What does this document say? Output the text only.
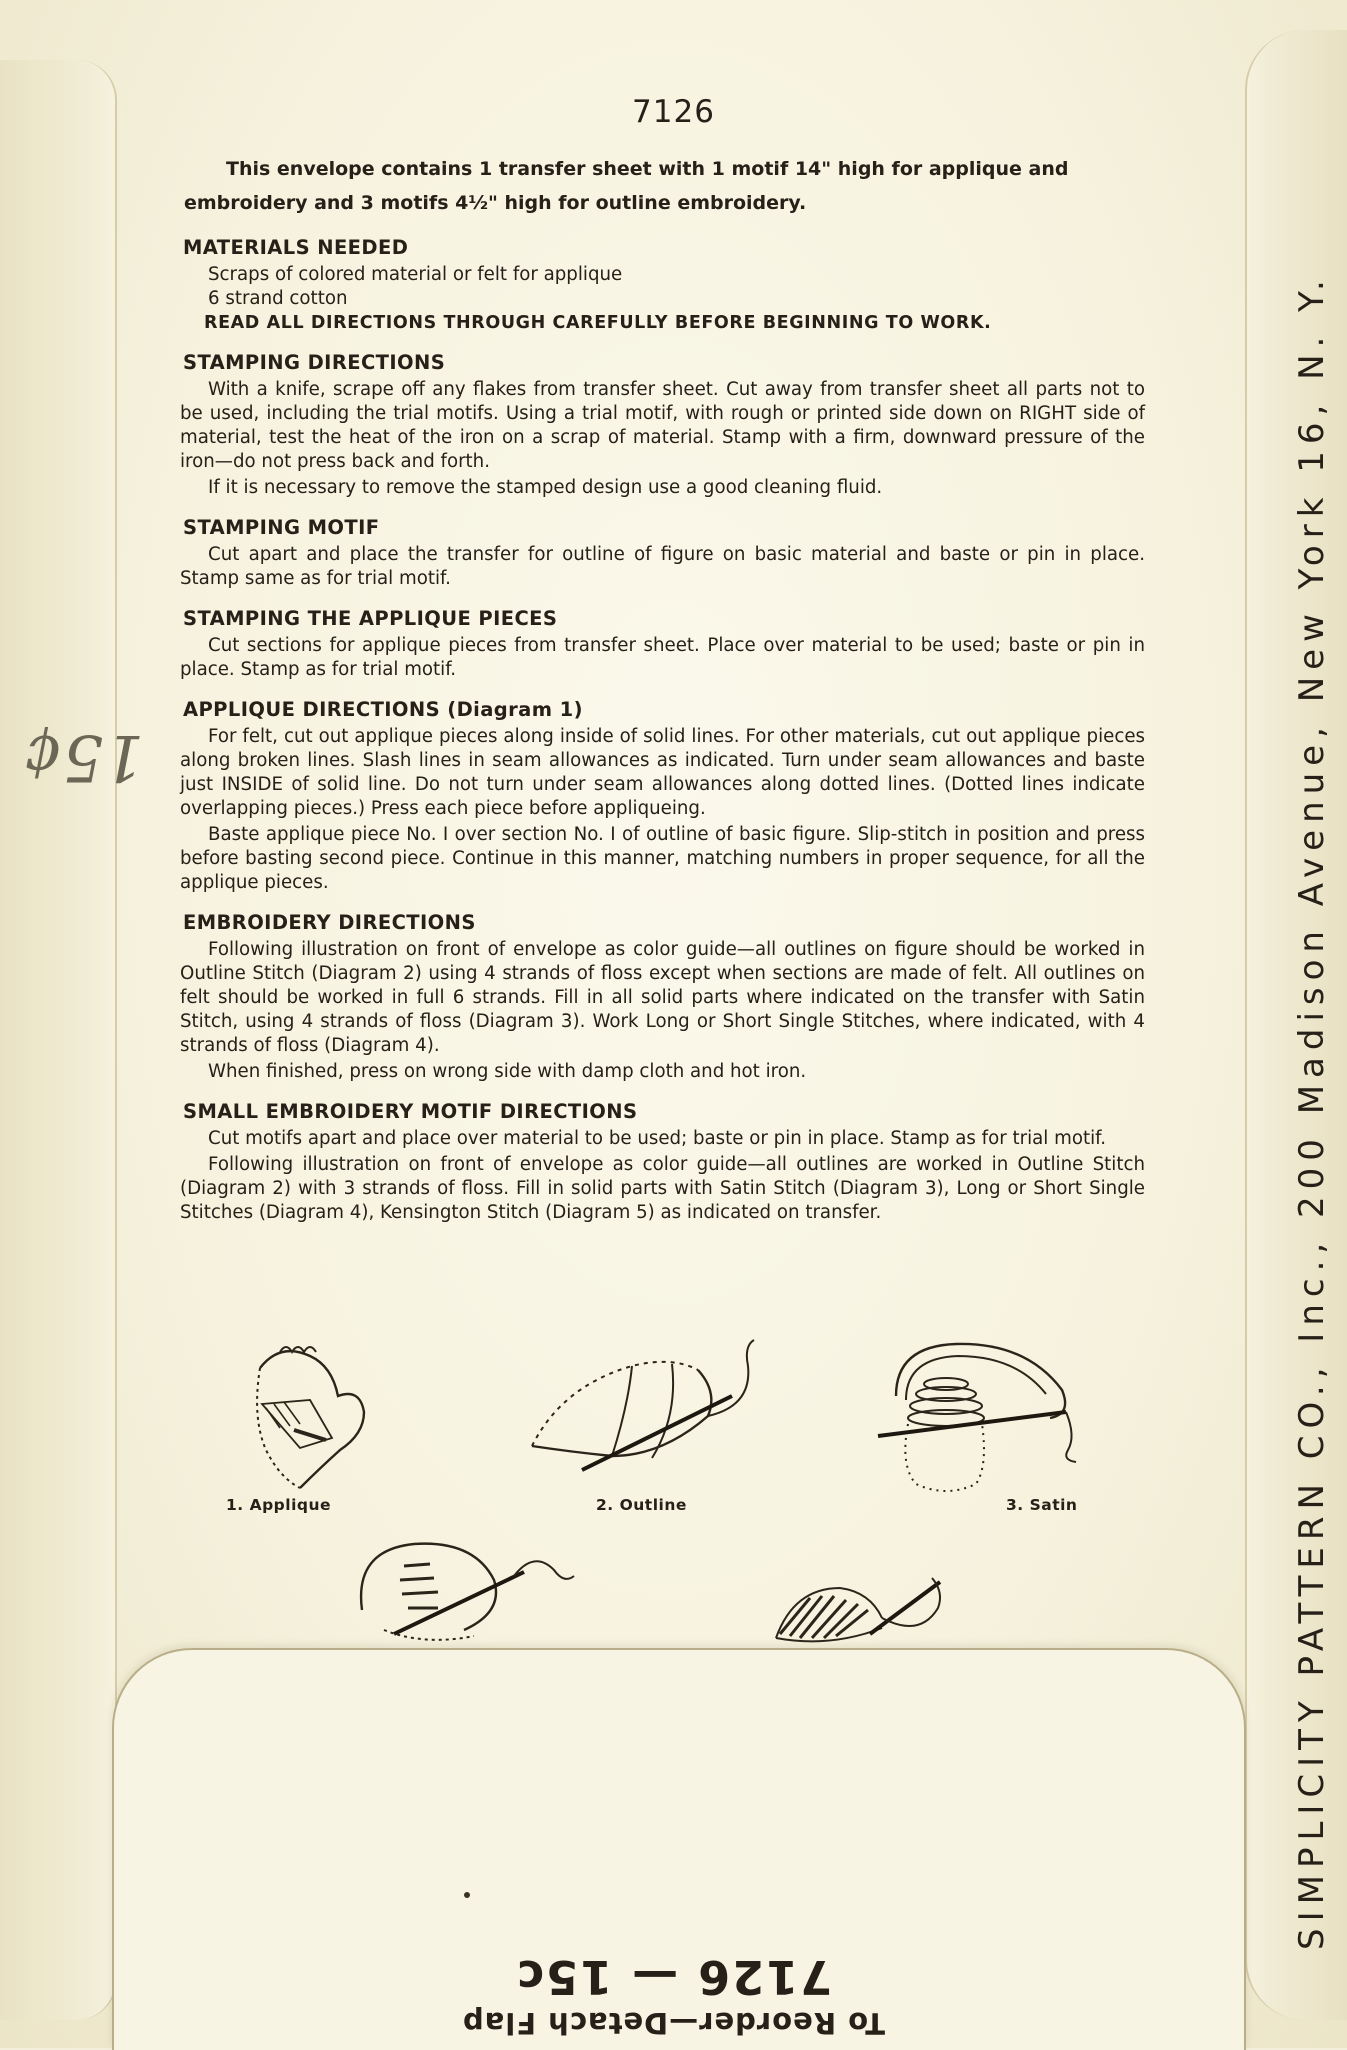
7126

This envelope contains 1 transfer sheet with 1 motif 14" high for applique and embroidery and 3 motifs 4½" high for outline embroidery.

MATERIALS NEEDED
Scraps of colored material or felt for applique
6 strand cotton
READ ALL DIRECTIONS THROUGH CAREFULLY BEFORE BEGINNING TO WORK.
STAMPING DIRECTIONS

With a knife, scrape off any flakes from transfer sheet. Cut away from transfer sheet all parts not to be used, including the trial motifs. Using a trial motif, with rough or printed side down on RIGHT side of material, test the heat of the iron on a scrap of material. Stamp with a firm, downward pressure of the iron—do not press back and forth.

If it is necessary to remove the stamped design use a good cleaning fluid.

STAMPING MOTIF

Cut apart and place the transfer for outline of figure on basic material and baste or pin in place. Stamp same as for trial motif.

STAMPING THE APPLIQUE PIECES

Cut sections for applique pieces from transfer sheet. Place over material to be used; baste or pin in place. Stamp as for trial motif.

APPLIQUE DIRECTIONS (Diagram 1)

For felt, cut out applique pieces along inside of solid lines. For other materials, cut out applique pieces along broken lines. Slash lines in seam allowances as indicated. Turn under seam allowances and baste just INSIDE of solid line. Do not turn under seam allowances along dotted lines. (Dotted lines indicate overlapping pieces.) Press each piece before appliqueing.

Baste applique piece No. I over section No. I of outline of basic figure. Slip-stitch in position and press before basting second piece. Continue in this manner, matching numbers in proper sequence, for all the applique pieces.

EMBROIDERY DIRECTIONS

Following illustration on front of envelope as color guide—all outlines on figure should be worked in Outline Stitch (Diagram 2) using 4 strands of floss except when sections are made of felt. All outlines on felt should be worked in full 6 strands. Fill in all solid parts where indicated on the transfer with Satin Stitch, using 4 strands of floss (Diagram 3). Work Long or Short Single Stitches, where indicated, with 4 strands of floss (Diagram 4).

When finished, press on wrong side with damp cloth and hot iron.

SMALL EMBROIDERY MOTIF DIRECTIONS

Cut motifs apart and place over material to be used; baste or pin in place. Stamp as for trial motif.

Following illustration on front of envelope as color guide—all outlines are worked in Outline Stitch (Diagram 2) with 3 strands of floss. Fill in solid parts with Satin Stitch (Diagram 3), Long or Short Single Stitches (Diagram 4), Kensington Stitch (Diagram 5) as indicated on transfer.

1. Applique	2. Outline	3. Satin	SIMPLICITY PATTERN CO., Inc., 200 Madison Avenue, New York 16, N. Y.
15¢
7126 — 15c
To Reorder—Detach Flap
